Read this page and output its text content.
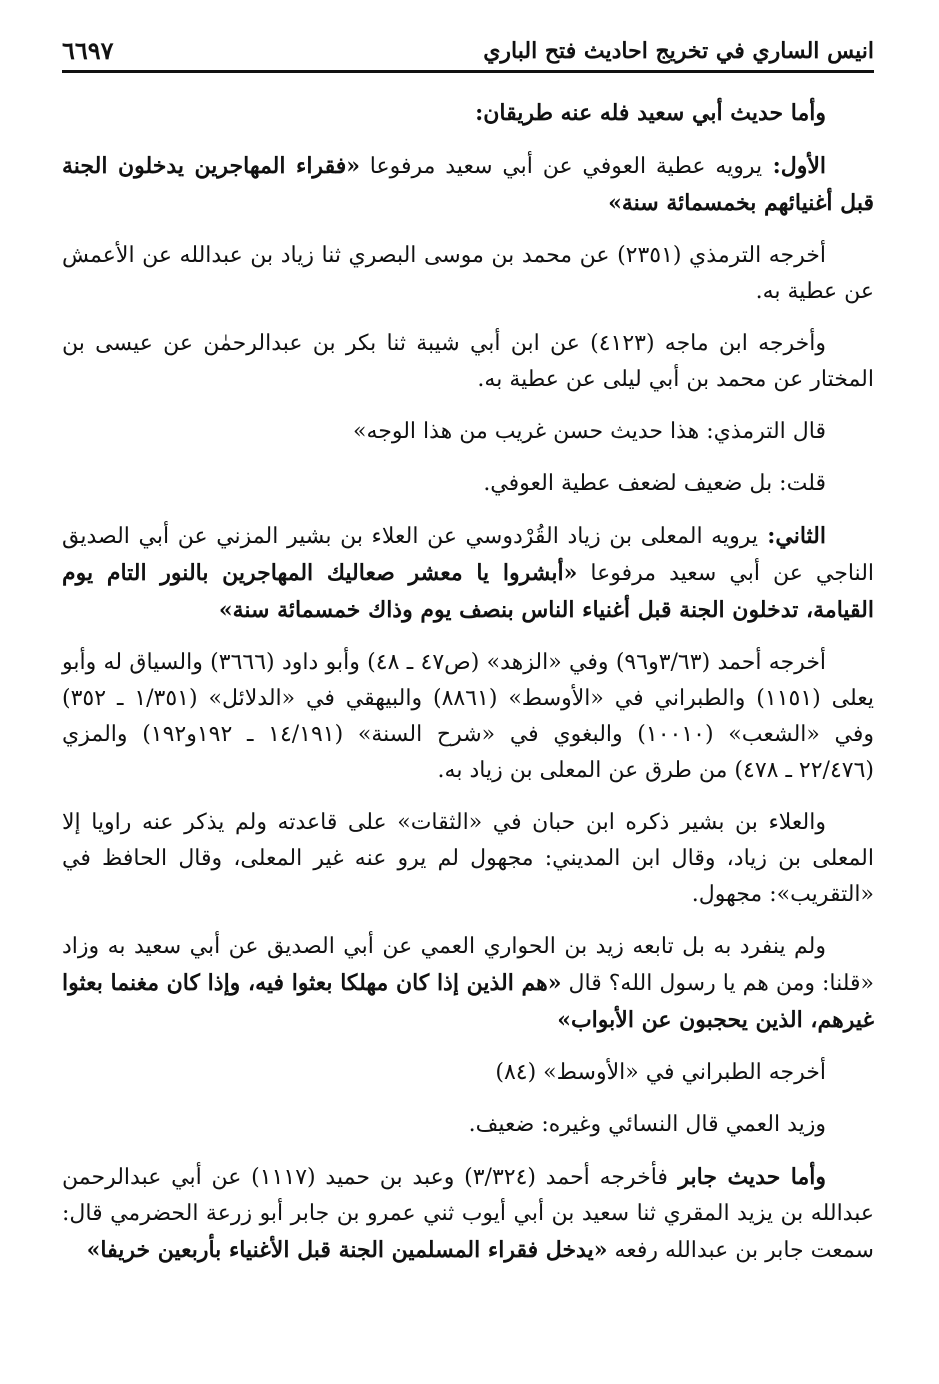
انيس الساري في تخريج احاديث فتح الباري
٦٦٩٧

وأما حديث أبي سعيد فله عنه طريقان:

الأول: يرويه عطية العوفي عن أبي سعيد مرفوعا «فقراء المهاجرين يدخلون الجنة قبل أغنيائهم بخمسمائة سنة»

أخرجه الترمذي (٢٣٥١) عن محمد بن موسى البصري ثنا زياد بن عبدالله عن الأعمش عن عطية به.

وأخرجه ابن ماجه (٤١٢٣) عن ابن أبي شيبة ثنا بكر بن عبدالرحمٰن عن عيسى بن المختار عن محمد بن أبي ليلى عن عطية به.

قال الترمذي: هذا حديث حسن غريب من هذا الوجه»

قلت: بل ضعيف لضعف عطية العوفي.

الثاني: يرويه المعلى بن زياد القُرْدوسي عن العلاء بن بشير المزني عن أبي الصديق الناجي عن أبي سعيد مرفوعا «أبشروا يا معشر صعاليك المهاجرين بالنور التام يوم القيامة، تدخلون الجنة قبل أغنياء الناس بنصف يوم وذاك خمسمائة سنة»

أخرجه أحمد (٣/٦٣و٩٦) وفي «الزهد» (ص٤٧ ـ ٤٨) وأبو داود (٣٦٦٦) والسياق له وأبو يعلى (١١٥١) والطبراني في «الأوسط» (٨٨٦١) والبيهقي في «الدلائل» (١/٣٥١ ـ ٣٥٢) وفي «الشعب» (١٠٠١٠) والبغوي في «شرح السنة» (١٤/١٩١ ـ ١٩٢و١٩٢) والمزي (٢٢/٤٧٦ ـ ٤٧٨) من طرق عن المعلى بن زياد به.

والعلاء بن بشير ذكره ابن حبان في «الثقات» على قاعدته ولم يذكر عنه راويا إلا المعلى بن زياد، وقال ابن المديني: مجهول لم يرو عنه غير المعلى، وقال الحافظ في «التقريب»: مجهول.

ولم ينفرد به بل تابعه زيد بن الحواري العمي عن أبي الصديق عن أبي سعيد به وزاد «قلنا: ومن هم يا رسول الله؟ قال «هم الذين إذا كان مهلكا بعثوا فيه، وإذا كان مغنما بعثوا غيرهم، الذين يحجبون عن الأبواب»

أخرجه الطبراني في «الأوسط» (٨٤)

وزيد العمي قال النسائي وغيره: ضعيف.

وأما حديث جابر فأخرجه أحمد (٣/٣٢٤) وعبد بن حميد (١١١٧) عن أبي عبدالرحمن عبدالله بن يزيد المقري ثنا سعيد بن أبي أيوب ثني عمرو بن جابر أبو زرعة الحضرمي قال: سمعت جابر بن عبدالله رفعه «يدخل فقراء المسلمين الجنة قبل الأغنياء بأربعين خريفا»
